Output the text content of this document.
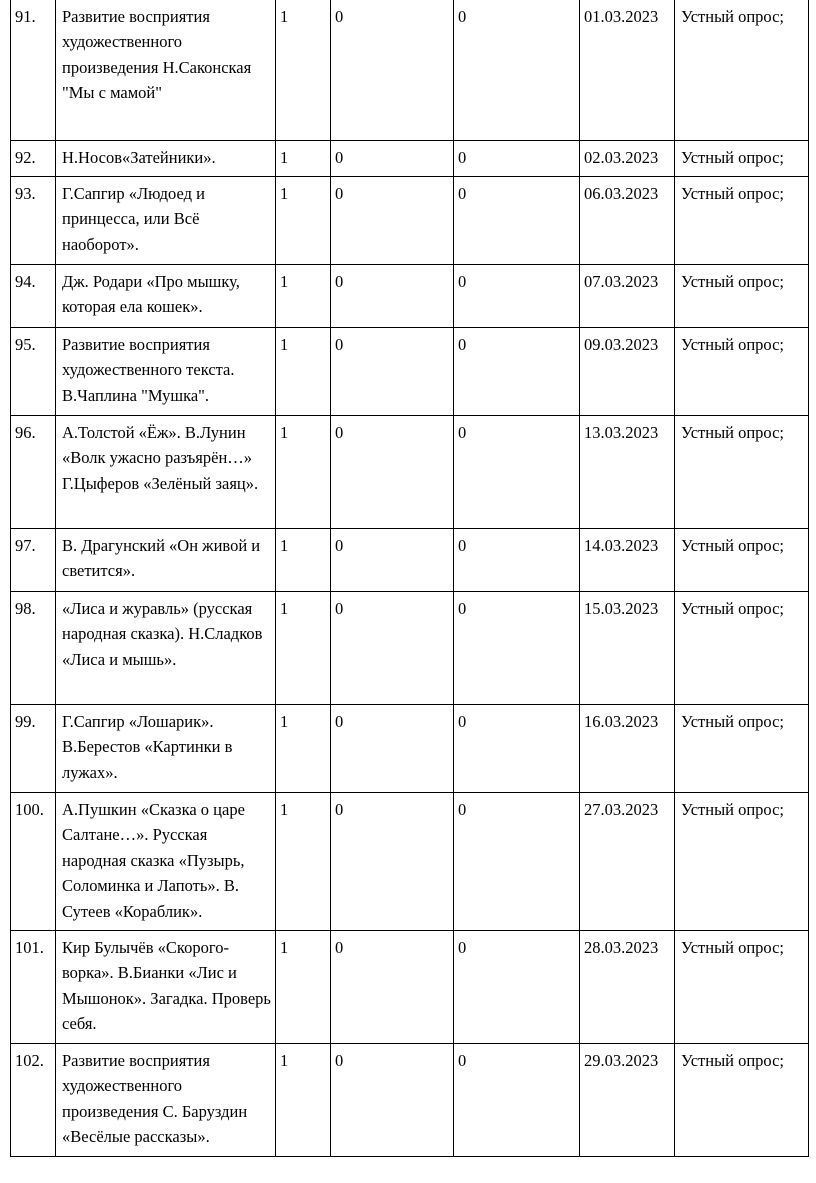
91.	Развитие восприятия художественного произведения Н.Саконская "Мы с мамой"	1	0	0	01.03.2023	Устный опрос;
92.	Н.Носов«Затейники».	1	0	0	02.03.2023	Устный опрос;
93.	Г.Сапгир «Людоед и принцесса, или Всё наоборот».	1	0	0	06.03.2023	Устный опрос;
94.	Дж. Родари «Про мышку, которая ела кошек».	1	0	0	07.03.2023	Устный опрос;
95.	Развитие восприятия художественного текста. В.Чаплина "Мушка".	1	0	0	09.03.2023	Устный опрос;
96.	А.Толстой «Ёж». В.Лунин «Волк ужасно разъярён…» Г.Цыферов «Зелёный заяц».	1	0	0	13.03.2023	Устный опрос;
97.	В. Драгунский «Он живой и светится».	1	0	0	14.03.2023	Устный опрос;
98.	«Лиса и журавль» (русская народная сказка). Н.Сладков «Лиса и мышь».	1	0	0	15.03.2023	Устный опрос;
99.	Г.Сапгир «Лошарик». В.Берестов «Картинки в лужах».	1	0	0	16.03.2023	Устный опрос;
100.	А.Пушкин «Сказка о царе Салтане…». Русская народная сказка «Пузырь, Соломинка и Лапоть». В. Сутеев «Кораблик».	1	0	0	27.03.2023	Устный опрос;
101.	Кир Булычёв «Скорого-ворка». В.Бианки «Лис и Мышонок». Загадка. Проверь себя.	1	0	0	28.03.2023	Устный опрос;
102.	Развитие восприятия художественного произведения С. Баруздин «Весёлые рассказы».	1	0	0	29.03.2023	Устный опрос;
